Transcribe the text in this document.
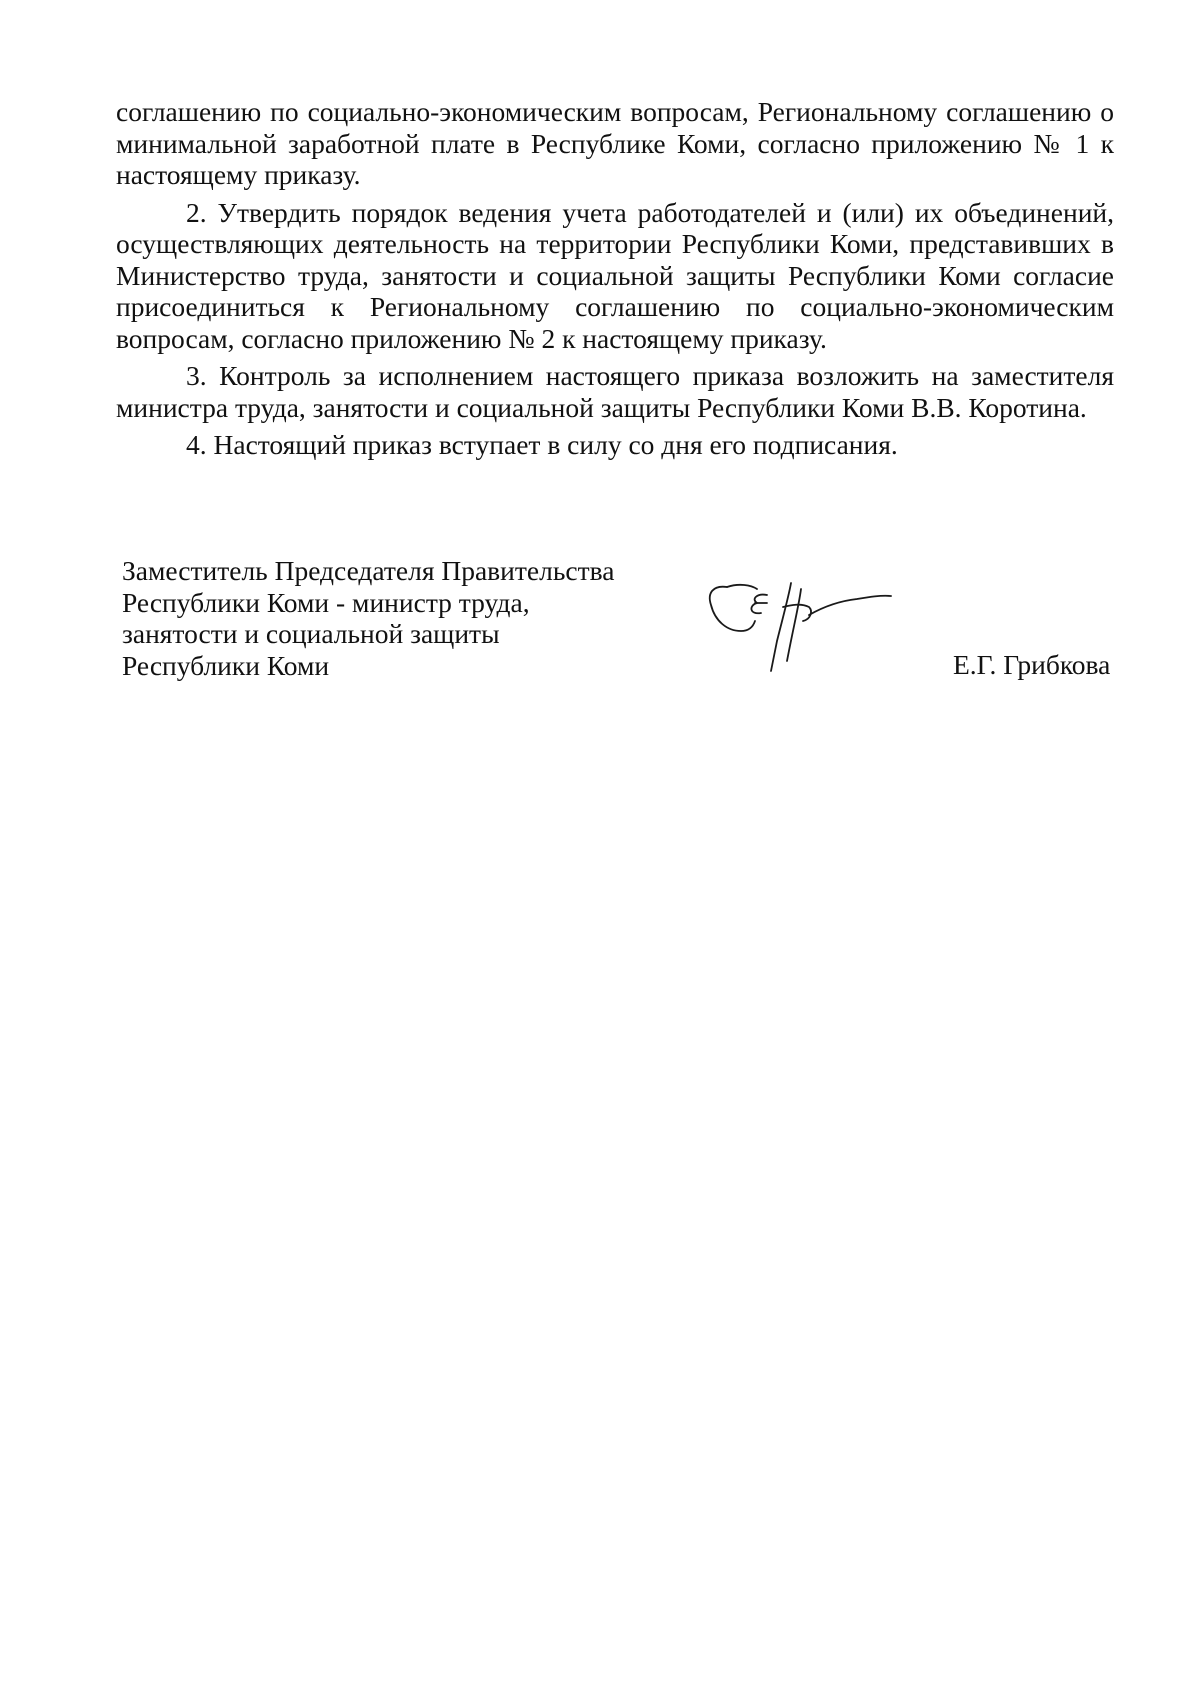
соглашению по социально-экономическим вопросам, Региональному соглашению о минимальной заработной плате в Республике Коми, согласно приложению № 1 к настоящему приказу.

2. Утвердить порядок ведения учета работодателей и (или) их объединений, осуществляющих деятельность на территории Республики Коми, представивших в Министерство труда, занятости и социальной защиты Республики Коми согласие присоединиться к Региональному соглашению по социально-экономическим вопросам, согласно приложению № 2 к настоящему приказу.

3. Контроль за исполнением настоящего приказа возложить на заместителя министра труда, занятости и социальной защиты Республики Коми В.В. Коротина.

4. Настоящий приказ вступает в силу со дня его подписания.

Заместитель Председателя Правительства
Республики Коми - министр труда,
занятости и социальной защиты
Республики Коми	Е.Г. Грибкова
